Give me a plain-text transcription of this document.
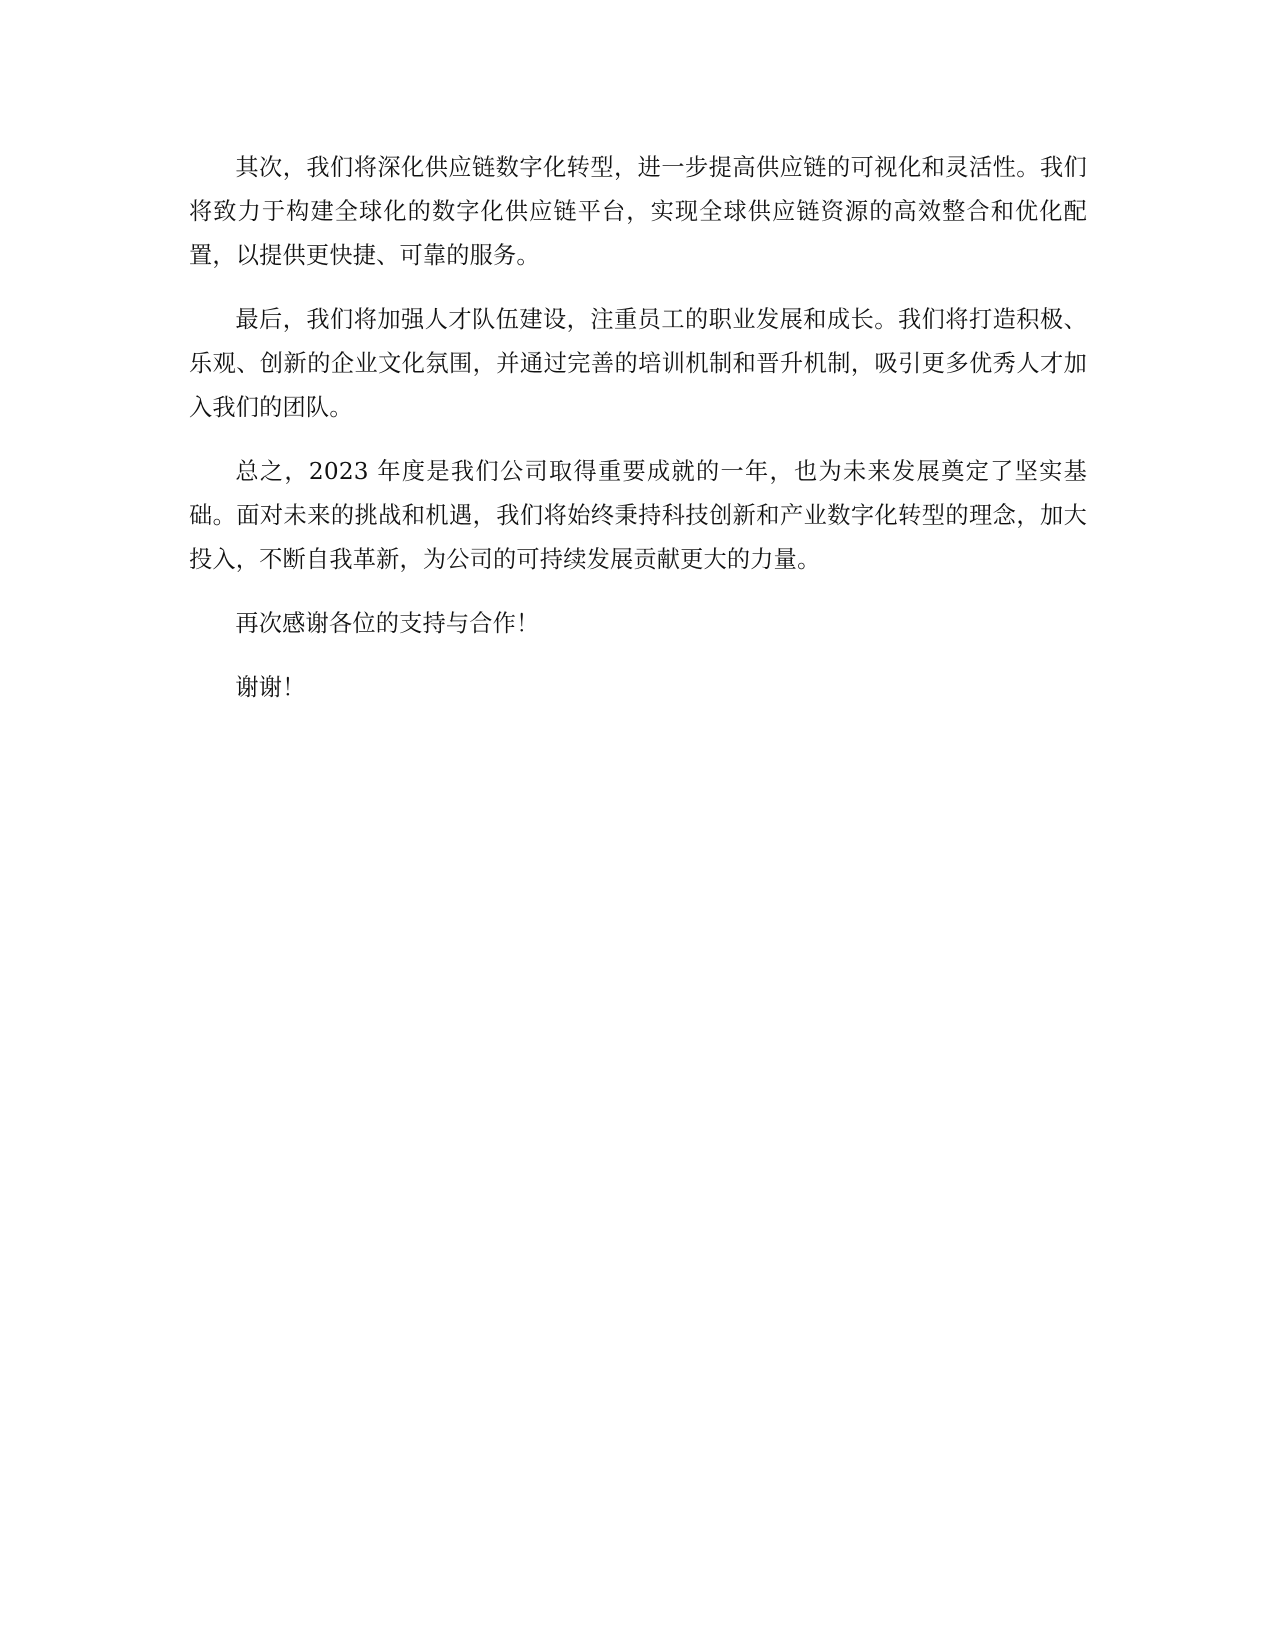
其次，我们将深化供应链数字化转型，进一步提高供应链的可视化和灵活性。我们将致力于构建全球化的数字化供应链平台，实现全球供应链资源的高效整合和优化配置，以提供更快捷、可靠的服务。

最后，我们将加强人才队伍建设，注重员工的职业发展和成长。我们将打造积极、乐观、创新的企业文化氛围，并通过完善的培训机制和晋升机制，吸引更多优秀人才加入我们的团队。

总之，2023 年度是我们公司取得重要成就的一年，也为未来发展奠定了坚实基础。面对未来的挑战和机遇，我们将始终秉持科技创新和产业数字化转型的理念，加大投入，不断自我革新，为公司的可持续发展贡献更大的力量。

再次感谢各位的支持与合作！

谢谢！
